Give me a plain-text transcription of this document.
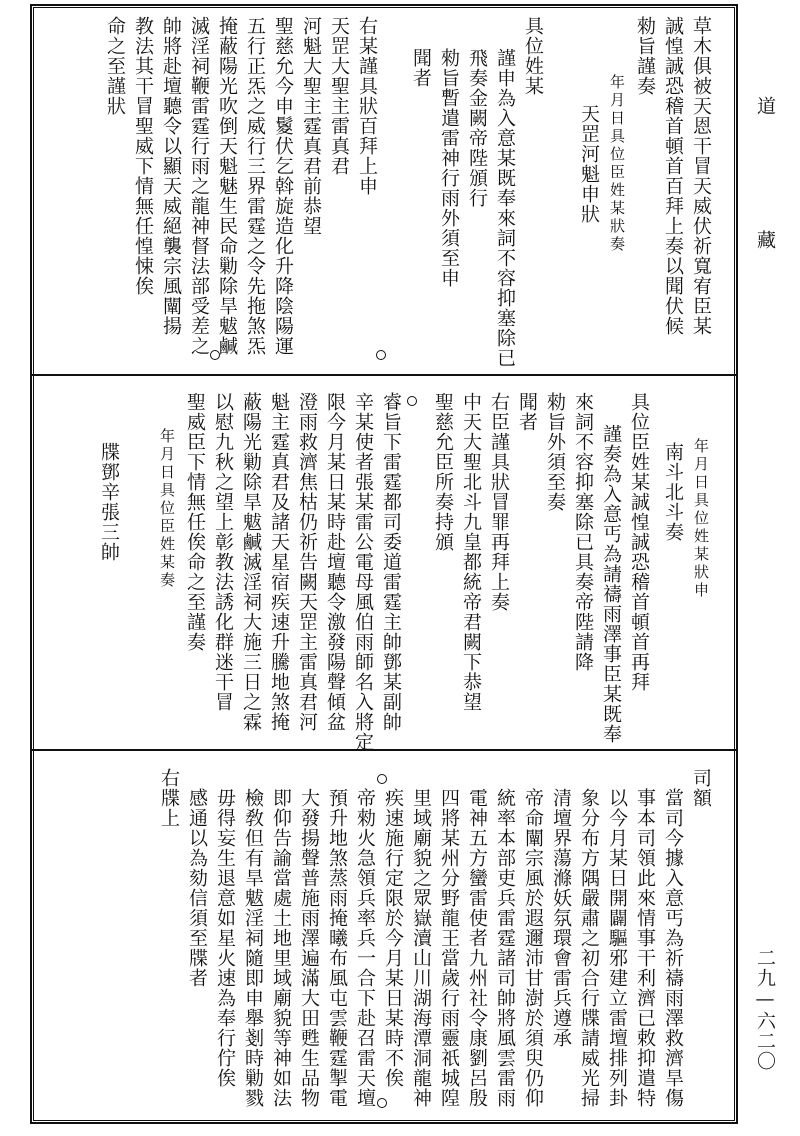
草木俱被天恩干冒天威伏祈寬宥臣某
誠惶誠恐稽首頓首百拜上奏以聞伏候
勑旨謹奏
年月日具位臣姓某狀奏
天罡河魁申狀
具位姓某
謹申為入意某既奉來詞不容抑塞除已
飛奏金闕帝陛頒行
勑旨暫遣雷神行雨外須至申
聞者
右某謹具狀百拜上申
天罡大聖主雷真君
河魁大聖主霆真君前恭望
聖慈允今申鬉伏乞斡旋造化升降陰陽運
五行正炁之威行三界雷霆之令先拖煞炁
掩蔽陽光吹倒天魁魅生民命勦除旱魃鹹
滅淫祠鞭雷霆行雨之龍神督法部受差之
帥將赴壇聽令以顯天威絕襲宗風闡揚
教法其干冒聖威下情無任惶悚俟
命之至謹狀
年月日具位姓某狀申
南斗北斗奏
具位臣姓某誠惶誠恐稽首頓首再拜
謹奏為入意丐為請禱雨澤事臣某既奉
來詞不容抑塞除已具奏帝陛請降
勑旨外須至奏
聞者
右臣謹具狀冒罪再拜上奏
中天大聖北斗九皇都統帝君闕下恭望
聖慈允臣所奏持頒
睿旨下雷霆都司委道雷霆主帥鄧某副帥
辛某使者張某雷公電母風伯雨師名入將定
限今月某日某時赴壇聽令激發陽聲傾盆
澄雨救濟焦枯仍祈告闕天罡主雷真君河
魁主霆真君及諸天星宿疾速升騰地煞掩
蔽陽光勦除旱魃鹹滅淫祠大施三日之霖
以慰九秋之望上彰教法誘化群迷干冒
聖威臣下情無任俟命之至謹奏
年月日具位臣姓某奏
牒鄧辛張三帥
司額
當司今據入意丐為祈禱雨澤救濟旱傷
事本司領此來情事干利濟已敕抑遣特
以今月某日開闢驅邪建立雷壇排列卦
象分布方隅嚴肅之初合行牒請威光掃
清壇界蕩滌妖氛環會雷兵遵承
帝命闡宗風於遐邇沛甘澍於須臾仍仰
統率本部吏兵雷霆諸司帥將風雲雷雨
電神五方蠻雷使者九州社令康劉呂殷
四將某州分野龍王當歲行雨靈祇城隍
里域廟貌之眾嶽瀆山川湖海潭洞龍神
疾速施行定限於今月某日某時不俟
帝勑火急領兵率兵一合下赴召雷天壇
預升地煞蒸雨掩曦布風屯雲鞭霆掣電
大發揚聲普施雨澤遍滿大田甦生品物
即仰告諭當處土地里域廟貌等神如法
檢敎但有旱魃淫祠隨即申舉剗時勦戮
毋得妄生退意如星火速為奉行佇俟
感通以為劾信須至牒者
右牒上
道　藏
二九—六二〇
